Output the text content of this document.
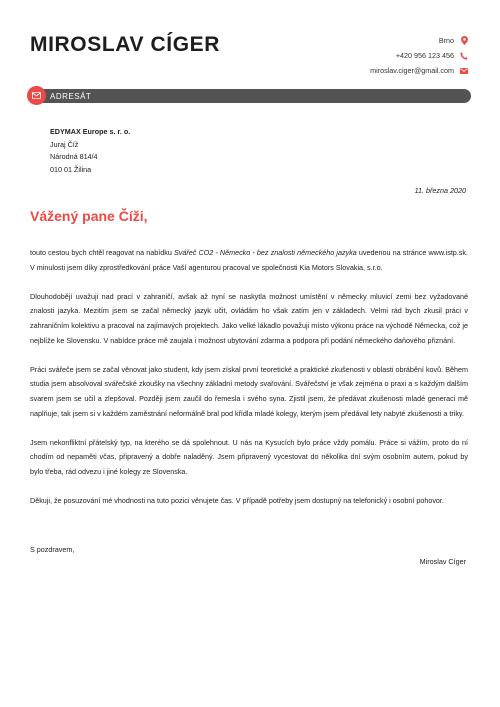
MIROSLAV CÍGER	Brno
+420 956 123 456
miroslav.ciger@gmail.com
ADRESÁT
EDYMAX Europe s. r. o.
Juraj Číž
Národná 814/4
010 01 Žilina
11. března 2020
Vážený pane Číži,

touto cestou bych chtěl reagovat na nabídku Svářeč CO2 - Německo - bez znalosti německého jazyka uvedenou na stránce www.istp.sk. V minulosti jsem díky zprostředkování práce Vaší agenturou pracoval ve společnosti Kia Motors Slovakia, s.r.o.

Dlouhodobějí uvažuji nad prací v zahraničí, avšak až nyní se naskytla možnost umístění v německy mluvicí zemi bez vyžadované znalosti jazyka. Mezitím jsem se začal německý jazyk učit, ovládám ho však zatím jen v základech. Velmi rád bych zkusil práci v zahraničním kolektivu a pracoval na zajímavých projektech. Jako velké lákadlo považuji místo výkonu práce na východě Německa, což je nejblíže ke Slovensku. V nabídce práce mě zaujala i možnost ubytování zdarma a podpora při podání německého daňového přiznání.

Práci svářeče jsem se začal věnovat jako student, kdy jsem získal první teoretické a praktické zkušenosti v oblasti obrábění kovů. Během studia jsem absolvoval svářečské zkoušky na všechny základní metody svařování. Svářečství je však zejména o praxi a s každým dalším svarem jsem se učil a zlepšoval. Později jsem zaučil do řemesla i svého syna. Zjistil jsem, že předávat zkušenosti mladé generaci mě naplňuje, tak jsem si v každém zaměstnání neformálně bral pod křídla mladé kolegy, kterým jsem předával lety nabyté zkušenosti a triky.

Jsem nekonfliktní přátelský typ, na kterého se dá spolehnout. U nás na Kysucích bylo práce vždy pomálu. Práce si vážím, proto do ní chodím od nepaměti včas, připravený a dobře naladěný. Jsem připravený vycestovat do několika dní svým osobním autem, pokud by bylo třeba, rád odvezu i jiné kolegy ze Slovenska.

Děkuji, že posuzování mé vhodnosti na tuto pozici věnujete čas. V případě potřeby jsem dostupný na telefonický i osobní pohovor.

S pozdravem,
Miroslav Cíger
